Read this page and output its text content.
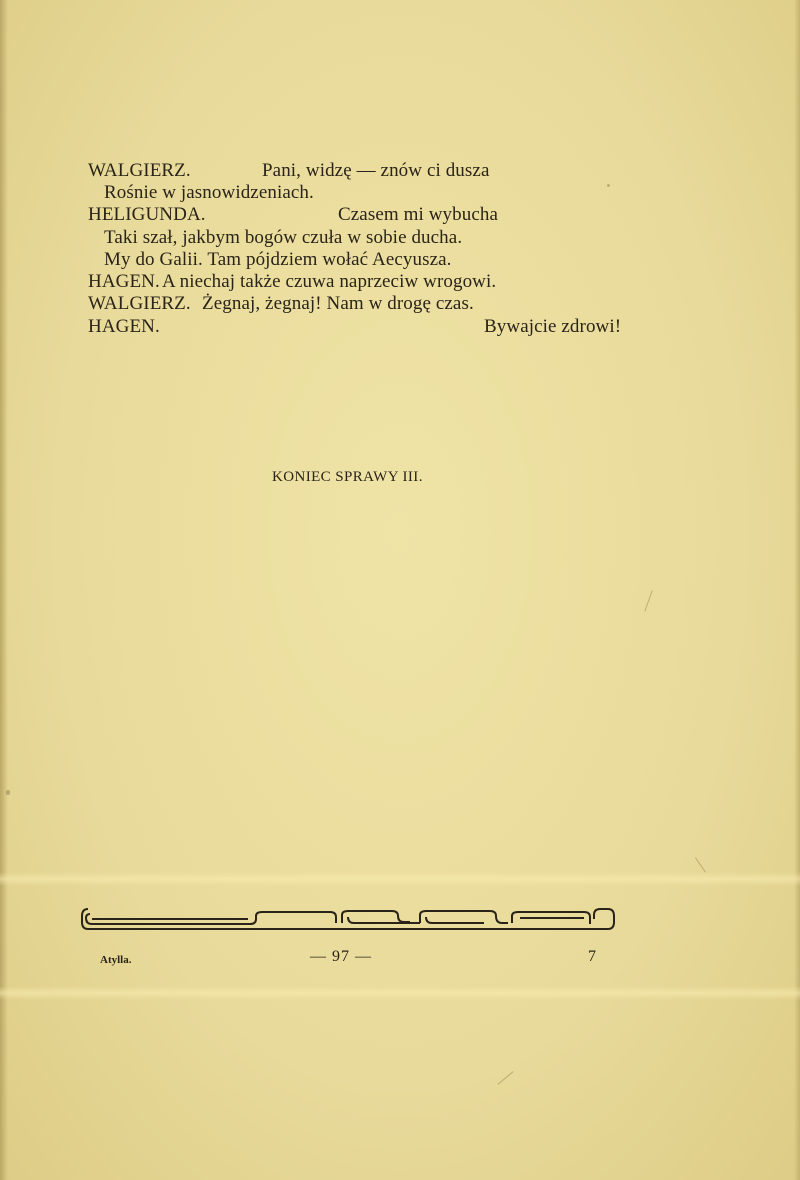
WALGIERZ.	Pani, widzę — znów ci dusza
Rośnie w jasnowidzeniach.
HELIGUNDA.	Czasem mi wybucha
Taki szał, jakbym bogów czuła w sobie ducha.
My do Galii. Tam pójdziem wołać Aecyusza.
HAGEN. A niechaj także czuwa naprzeciw wrogowi.
WALGIERZ. Żegnaj, żegnaj! Nam w drogę czas.
HAGEN.	Bywajcie zdrowi!
KONIEC SPRAWY III.
Atylla.	— 97 —	7
